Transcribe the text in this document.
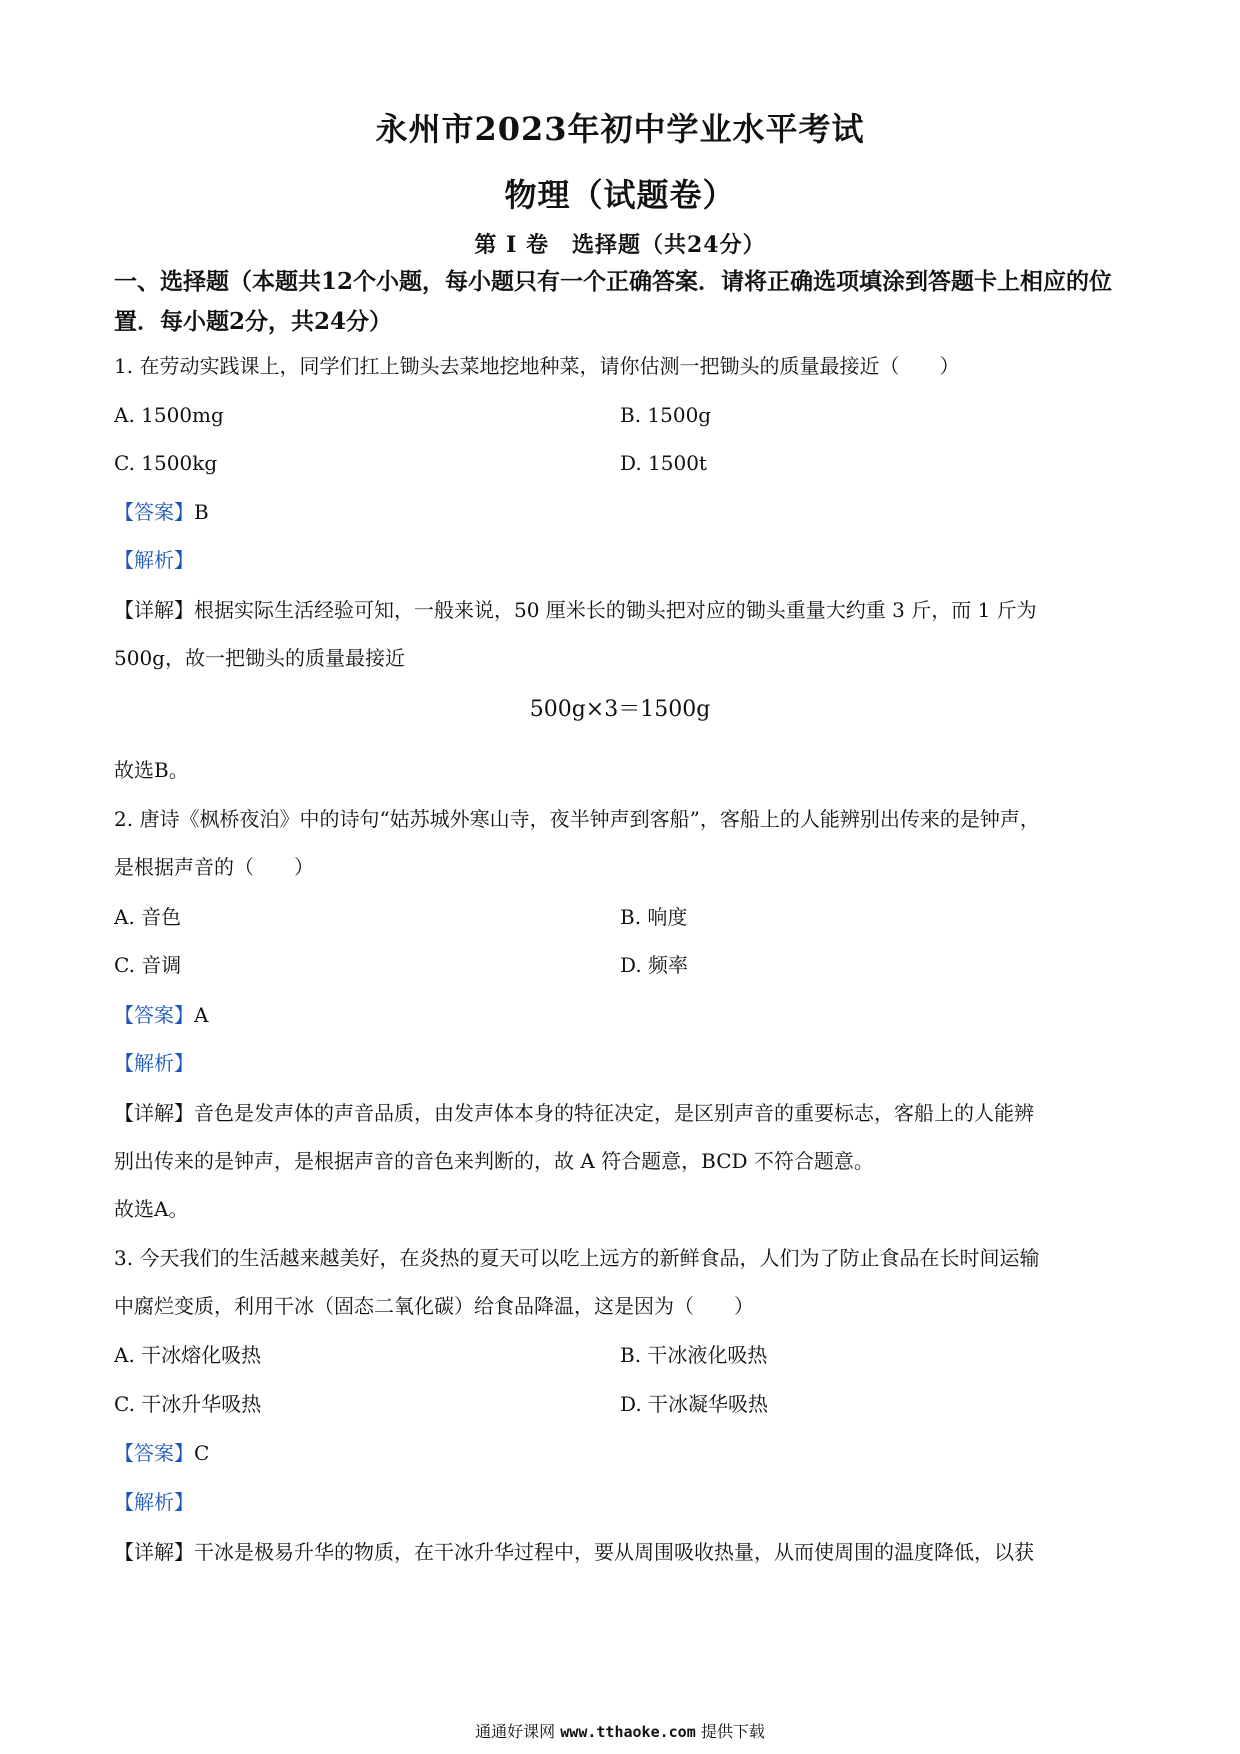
永州市2023年初中学业水平考试
物理（试题卷）
第 I 卷　选择题（共24分）
一、选择题（本题共12个小题，每小题只有一个正确答案．请将正确选项填涂到答题卡上相应的位置．每小题2分，共24分）
1. 在劳动实践课上，同学们扛上锄头去菜地挖地种菜，请你估测一把锄头的质量最接近（　　）
A. 1500mg	B. 1500g
C. 1500kg	D. 1500t
【答案】B
【解析】
【详解】根据实际生活经验可知，一般来说，50 厘米长的锄头把对应的锄头重量大约重 3 斤，而 1 斤为
500g，故一把锄头的质量最接近
500g×3＝1500g
故选B。
2. 唐诗《枫桥夜泊》中的诗句“姑苏城外寒山寺，夜半钟声到客船”，客船上的人能辨别出传来的是钟声，
是根据声音的（　　）
A. 音色	B. 响度
C. 音调	D. 频率
【答案】A
【解析】
【详解】音色是发声体的声音品质，由发声体本身的特征决定，是区别声音的重要标志，客船上的人能辨
别出传来的是钟声，是根据声音的音色来判断的，故 A 符合题意，BCD 不符合题意。
故选A。
3. 今天我们的生活越来越美好，在炎热的夏天可以吃上远方的新鲜食品，人们为了防止食品在长时间运输
中腐烂变质，利用干冰（固态二氧化碳）给食品降温，这是因为（　　）
A. 干冰熔化吸热	B. 干冰液化吸热
C. 干冰升华吸热	D. 干冰凝华吸热
【答案】C
【解析】
【详解】干冰是极易升华的物质，在干冰升华过程中，要从周围吸收热量，从而使周围的温度降低，以获
通通好课网 www.tthaoke.com 提供下载
